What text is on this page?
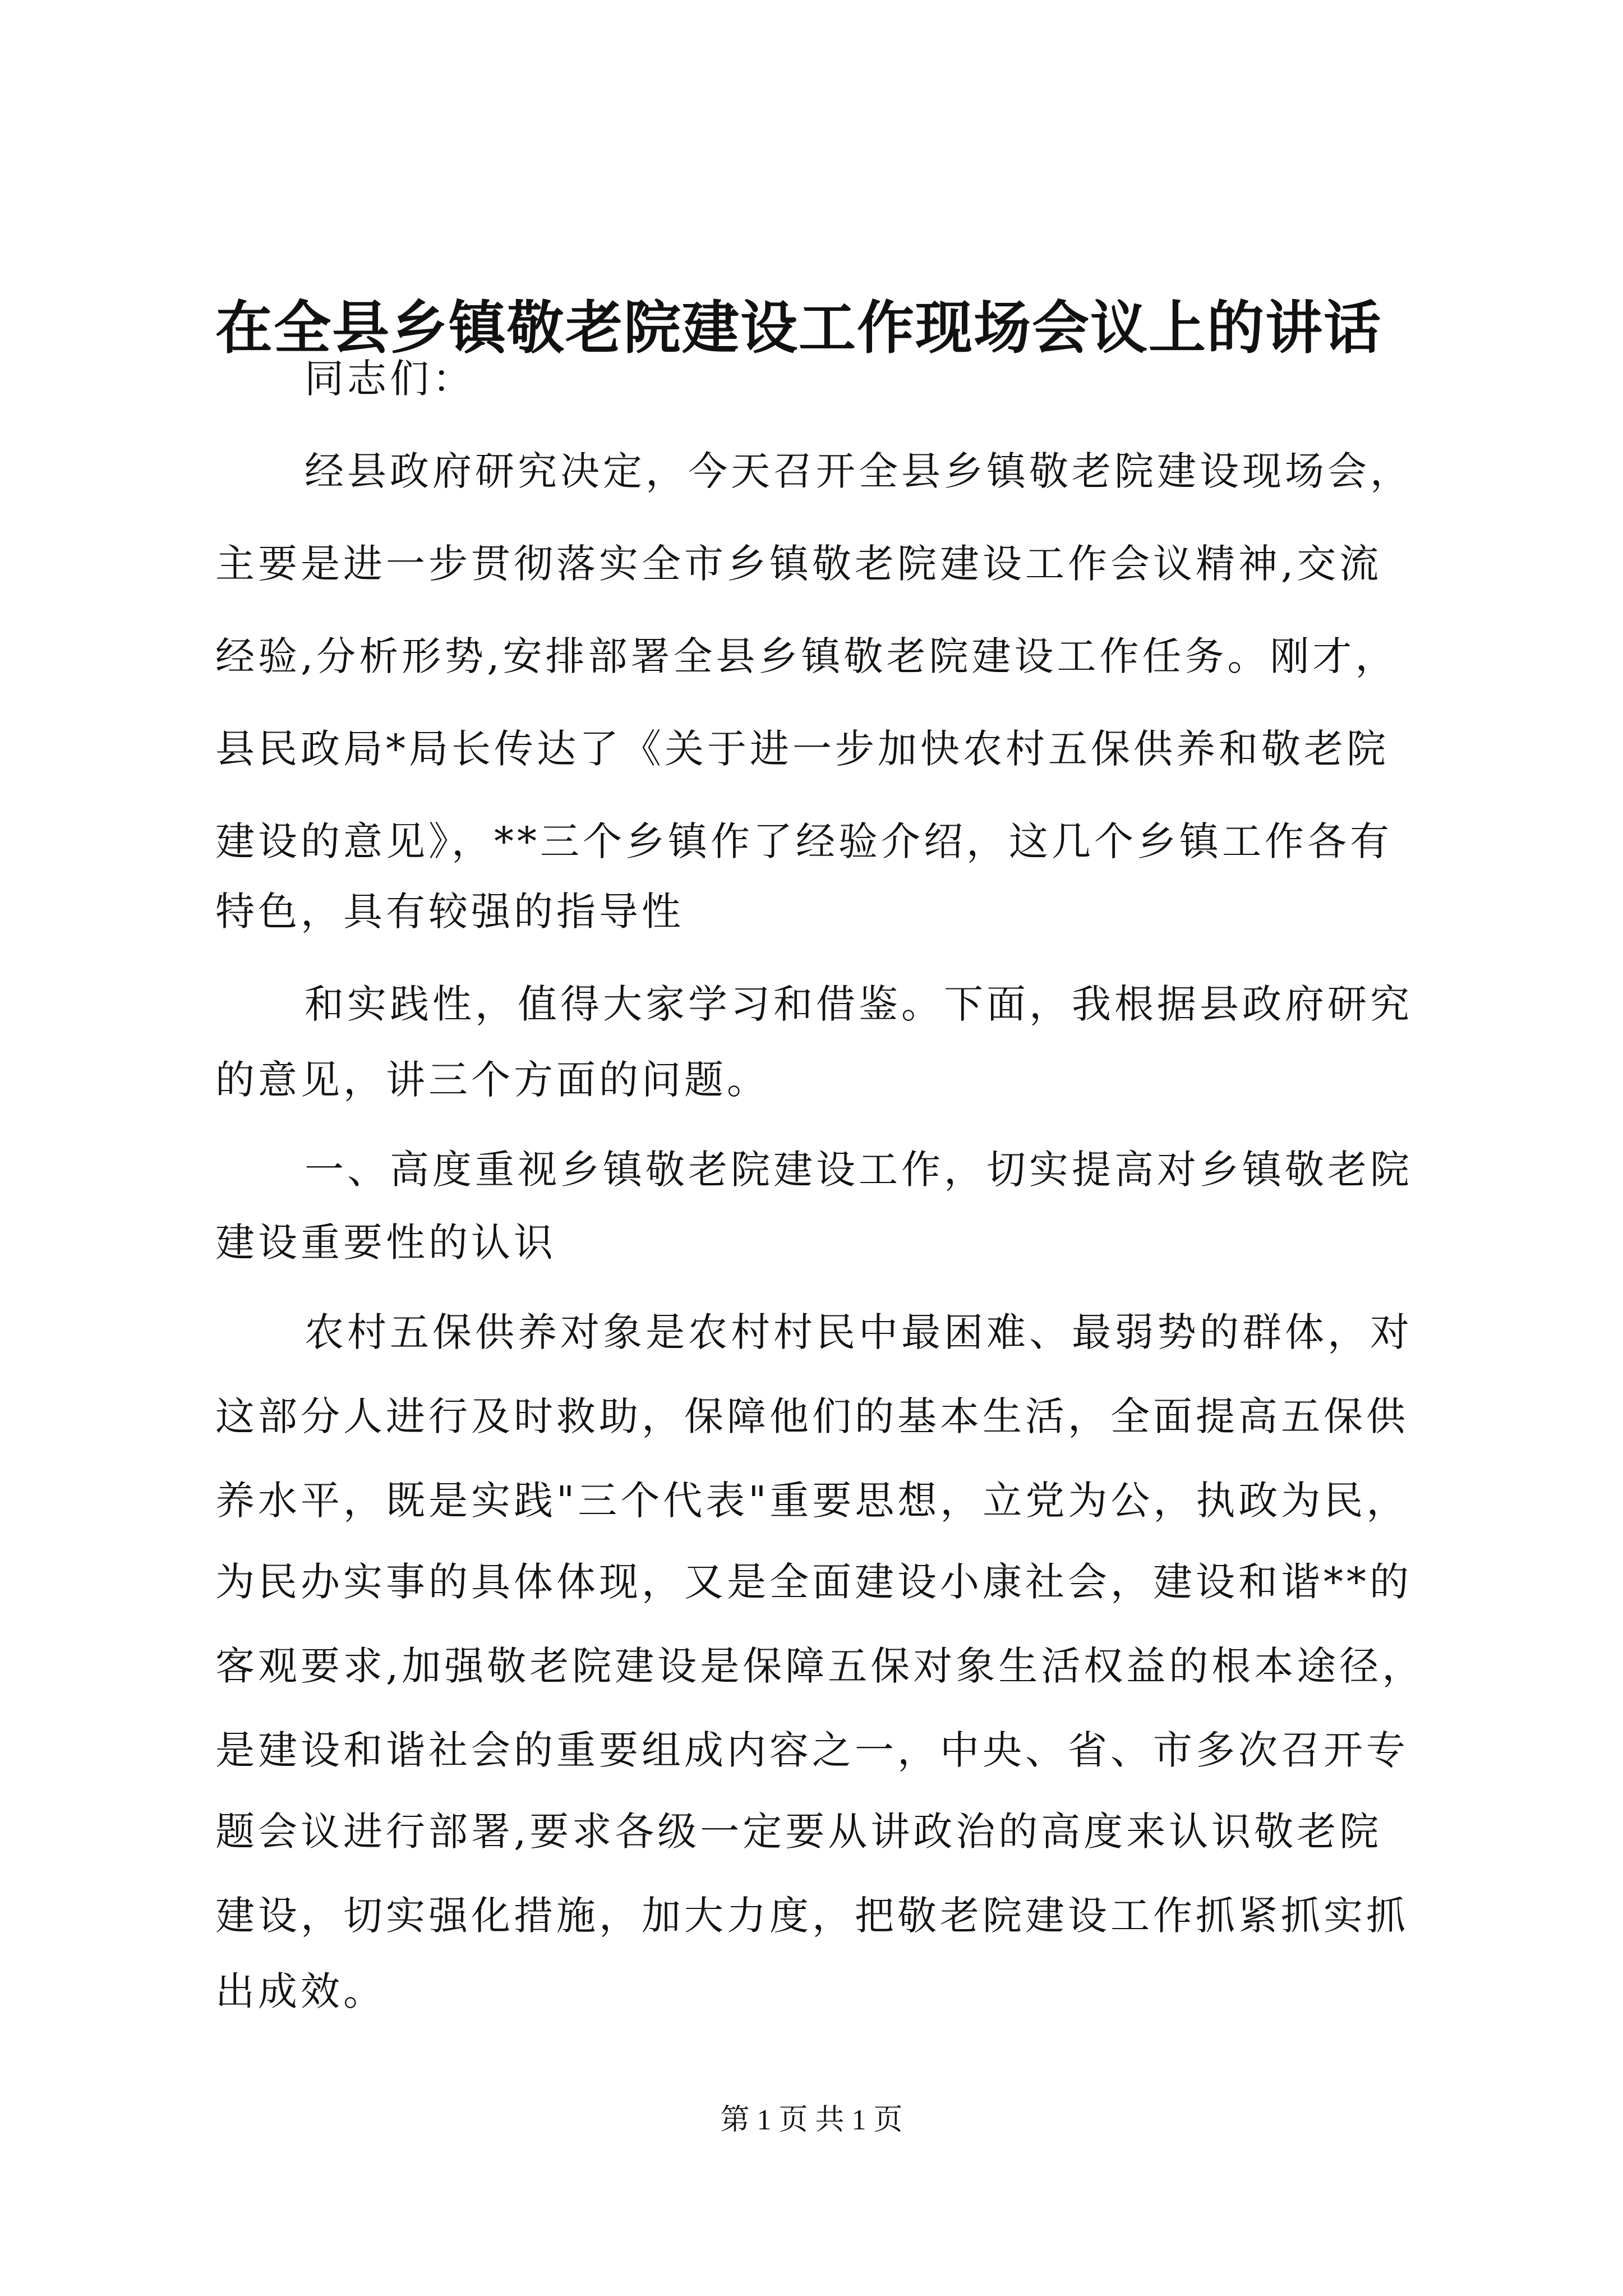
在全县乡镇敬老院建设工作现场会议上的讲话

同志们：

经县政府研究决定，今天召开全县乡镇敬老院建设现场会，

主要是进一步贯彻落实全市乡镇敬老院建设工作会议精神,交流

经验,分析形势,安排部署全县乡镇敬老院建设工作任务。刚才，

县民政局*局长传达了《关于进一步加快农村五保供养和敬老院

建设的意见》，**三个乡镇作了经验介绍，这几个乡镇工作各有

特色，具有较强的指导性

和实践性，值得大家学习和借鉴。下面，我根据县政府研究

的意见，讲三个方面的问题。

一、高度重视乡镇敬老院建设工作，切实提高对乡镇敬老院

建设重要性的认识

农村五保供养对象是农村村民中最困难、最弱势的群体，对

这部分人进行及时救助，保障他们的基本生活，全面提高五保供

养水平，既是实践"三个代表"重要思想，立党为公，执政为民，

为民办实事的具体体现，又是全面建设小康社会，建设和谐**的

客观要求,加强敬老院建设是保障五保对象生活权益的根本途径，

是建设和谐社会的重要组成内容之一，中央、省、市多次召开专

题会议进行部署,要求各级一定要从讲政治的高度来认识敬老院

建设，切实强化措施，加大力度，把敬老院建设工作抓紧抓实抓

出成效。

第 1 页 共 1 页
